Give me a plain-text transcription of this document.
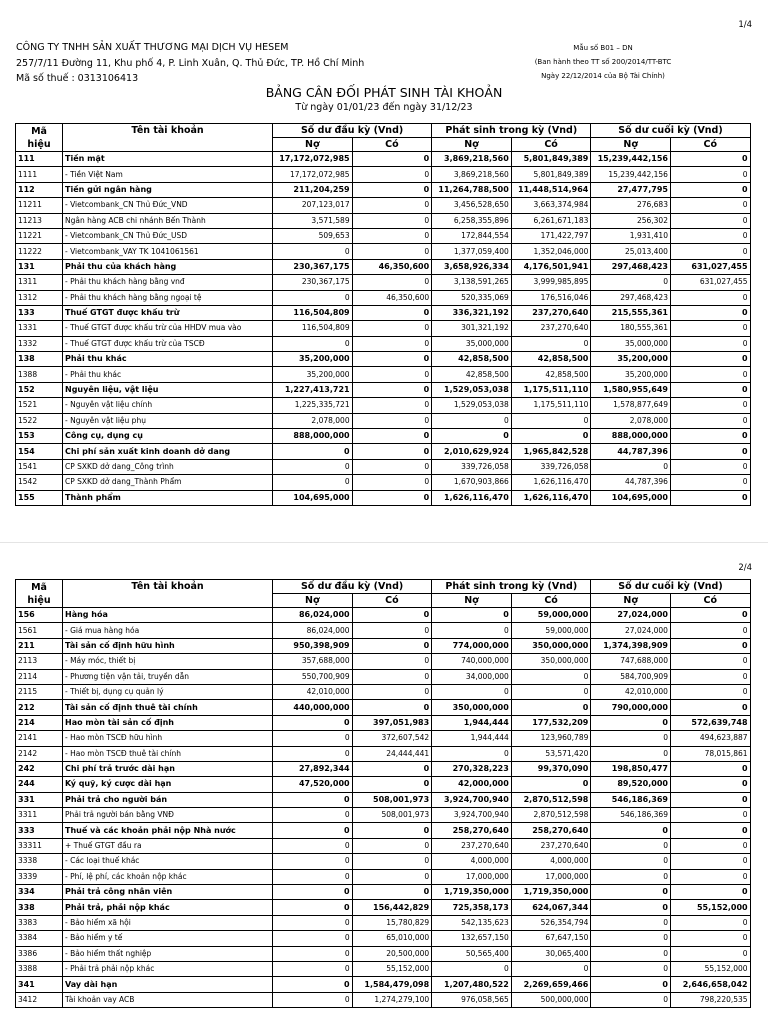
1/4
CÔNG TY TNHH SẢN XUẤT THƯƠNG MẠI DỊCH VỤ HESEM
257/7/11 Đường 11, Khu phố 4, P. Linh Xuân, Q. Thủ Đức, TP. Hồ Chí Minh
Mã số thuế : 0313106413
Mẫu số B01 – DN
(Ban hành theo TT số 200/2014/TT-BTC
Ngày 22/12/2014 của Bộ Tài Chính)
BẢNG CÂN ĐỐI PHÁT SINH TÀI KHOẢN
Từ ngày 01/01/23 đến ngày 31/12/23
Mã hiệu	Tên tài khoản	Số dư đầu kỳ (Vnd)		Phát sinh trong kỳ (Vnd)		Số dư cuối kỳ (Vnd)	
		Nợ	Có	Nợ	Có	Nợ	Có
111	Tiền mặt	17,172,072,985	0	3,869,218,560	5,801,849,389	15,239,442,156	0
1111	- Tiền Việt Nam	17,172,072,985	0	3,869,218,560	5,801,849,389	15,239,442,156	0
112	Tiền gửi ngân hàng	211,204,259	0	11,264,788,500	11,448,514,964	27,477,795	0
11211	- Vietcombank_CN Thủ Đức_VND	207,123,017	0	3,456,528,650	3,663,374,984	276,683	0
11213	Ngân hàng ACB chi nhánh Bến Thành	3,571,589	0	6,258,355,896	6,261,671,183	256,302	0
11221	- Vietcombank_CN Thủ Đức_USD	509,653	0	172,844,554	171,422,797	1,931,410	0
11222	- Vietcombank_VAY TK 1041061561	0	0	1,377,059,400	1,352,046,000	25,013,400	0
131	Phải thu của khách hàng	230,367,175	46,350,600	3,658,926,334	4,176,501,941	297,468,423	631,027,455
1311	- Phải thu khách hàng bằng vnđ	230,367,175	0	3,138,591,265	3,999,985,895	0	631,027,455
1312	- Phải thu khách hàng bằng ngoại tệ	0	46,350,600	520,335,069	176,516,046	297,468,423	0
133	Thuế GTGT được khấu trừ	116,504,809	0	336,321,192	237,270,640	215,555,361	0
1331	- Thuế GTGT được khấu trừ của HHDV mua vào	116,504,809	0	301,321,192	237,270,640	180,555,361	0
1332	- Thuế GTGT được khấu trừ của TSCĐ	0	0	35,000,000	0	35,000,000	0
138	Phải thu khác	35,200,000	0	42,858,500	42,858,500	35,200,000	0
1388	- Phải thu khác	35,200,000	0	42,858,500	42,858,500	35,200,000	0
152	Nguyên liệu, vật liệu	1,227,413,721	0	1,529,053,038	1,175,511,110	1,580,955,649	0
1521	- Nguyên vật liệu chính	1,225,335,721	0	1,529,053,038	1,175,511,110	1,578,877,649	0
1522	- Nguyên vật liệu phụ	2,078,000	0	0	0	2,078,000	0
153	Công cụ, dụng cụ	888,000,000	0	0	0	888,000,000	0
154	Chi phí sản xuất kinh doanh dở dang	0	0	2,010,629,924	1,965,842,528	44,787,396	0
1541	CP SXKD dở dang_Công trình	0	0	339,726,058	339,726,058	0	0
1542	CP SXKD dở dang_Thành Phẩm	0	0	1,670,903,866	1,626,116,470	44,787,396	0
155	Thành phẩm	104,695,000	0	1,626,116,470	1,626,116,470	104,695,000	0
2/4
Mã hiệu	Tên tài khoản	Số dư đầu kỳ (Vnd)		Phát sinh trong kỳ (Vnd)		Số dư cuối kỳ (Vnd)	
		Nợ	Có	Nợ	Có	Nợ	Có
156	Hàng hóa	86,024,000	0	0	59,000,000	27,024,000	0
1561	- Giá mua hàng hóa	86,024,000	0	0	59,000,000	27,024,000	0
211	Tài sản cố định hữu hình	950,398,909	0	774,000,000	350,000,000	1,374,398,909	0
2113	- Máy móc, thiết bị	357,688,000	0	740,000,000	350,000,000	747,688,000	0
2114	- Phương tiện vận tải, truyền dẫn	550,700,909	0	34,000,000	0	584,700,909	0
2115	- Thiết bị, dụng cụ quản lý	42,010,000	0	0	0	42,010,000	0
212	Tài sản cố định thuê tài chính	440,000,000	0	350,000,000	0	790,000,000	0
214	Hao mòn tài sản cố định	0	397,051,983	1,944,444	177,532,209	0	572,639,748
2141	- Hao mòn TSCĐ hữu hình	0	372,607,542	1,944,444	123,960,789	0	494,623,887
2142	- Hao mòn TSCĐ thuê tài chính	0	24,444,441	0	53,571,420	0	78,015,861
242	Chi phí trả trước dài hạn	27,892,344	0	270,328,223	99,370,090	198,850,477	0
244	Ký quỹ, ký cược dài hạn	47,520,000	0	42,000,000	0	89,520,000	0
331	Phải trả cho người bán	0	508,001,973	3,924,700,940	2,870,512,598	546,186,369	0
3311	Phải trả người bán bằng VNĐ	0	508,001,973	3,924,700,940	2,870,512,598	546,186,369	0
333	Thuế và các khoản phải nộp Nhà nước	0	0	258,270,640	258,270,640	0	0
33311	+ Thuế GTGT đầu ra	0	0	237,270,640	237,270,640	0	0
3338	- Các loại thuế khác	0	0	4,000,000	4,000,000	0	0
3339	- Phí, lệ phí, các khoản nộp khác	0	0	17,000,000	17,000,000	0	0
334	Phải trả công nhân viên	0	0	1,719,350,000	1,719,350,000	0	0
338	Phải trả, phải nộp khác	0	156,442,829	725,358,173	624,067,344	0	55,152,000
3383	- Bảo hiểm xã hội	0	15,780,829	542,135,623	526,354,794	0	0
3384	- Bảo hiểm y tế	0	65,010,000	132,657,150	67,647,150	0	0
3386	- Bảo hiểm thất nghiệp	0	20,500,000	50,565,400	30,065,400	0	0
3388	- Phải trả phải nộp khác	0	55,152,000	0	0	0	55,152,000
341	Vay dài hạn	0	1,584,479,098	1,207,480,522	2,269,659,466	0	2,646,658,042
3412	Tài khoản vay ACB	0	1,274,279,100	976,058,565	500,000,000	0	798,220,535
